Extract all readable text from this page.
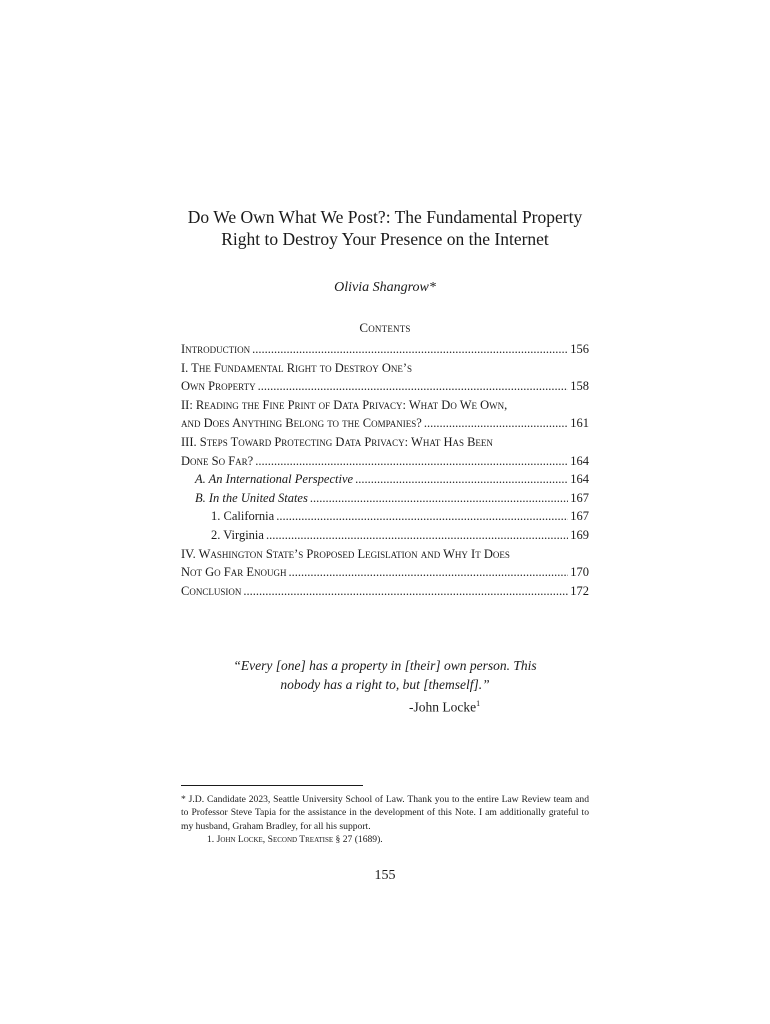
Do We Own What We Post?: The Fundamental Property
Right to Destroy Your Presence on the Internet
Olivia Shangrow*
Contents
Introduction .....	156
I. The Fundamental Right to Destroy One’s
Own Property .....	158
II: Reading the Fine Print of Data Privacy: What Do We Own,
and Does Anything Belong to the Companies? .....	161
III. Steps Toward Protecting Data Privacy: What Has Been
Done So Far? .....	164
A. An International Perspective .....	164
B. In the United States .....	167
1. California .....	167
2. Virginia .....	169
IV. Washington State’s Proposed Legislation and Why It Does
Not Go Far Enough .....	170
Conclusion .....	172
“Every [one] has a property in [their] own person. This
nobody has a right to, but [themself].”
-John Locke$^1$

* J.D. Candidate 2023, Seattle University School of Law. Thank you to the entire Law Review team and to Professor Steve Tapia for the assistance in the development of this Note. I am additionally grateful to my husband, Graham Bradley, for all his support.

1. John Locke, Second Treatise § 27 (1689).

155
